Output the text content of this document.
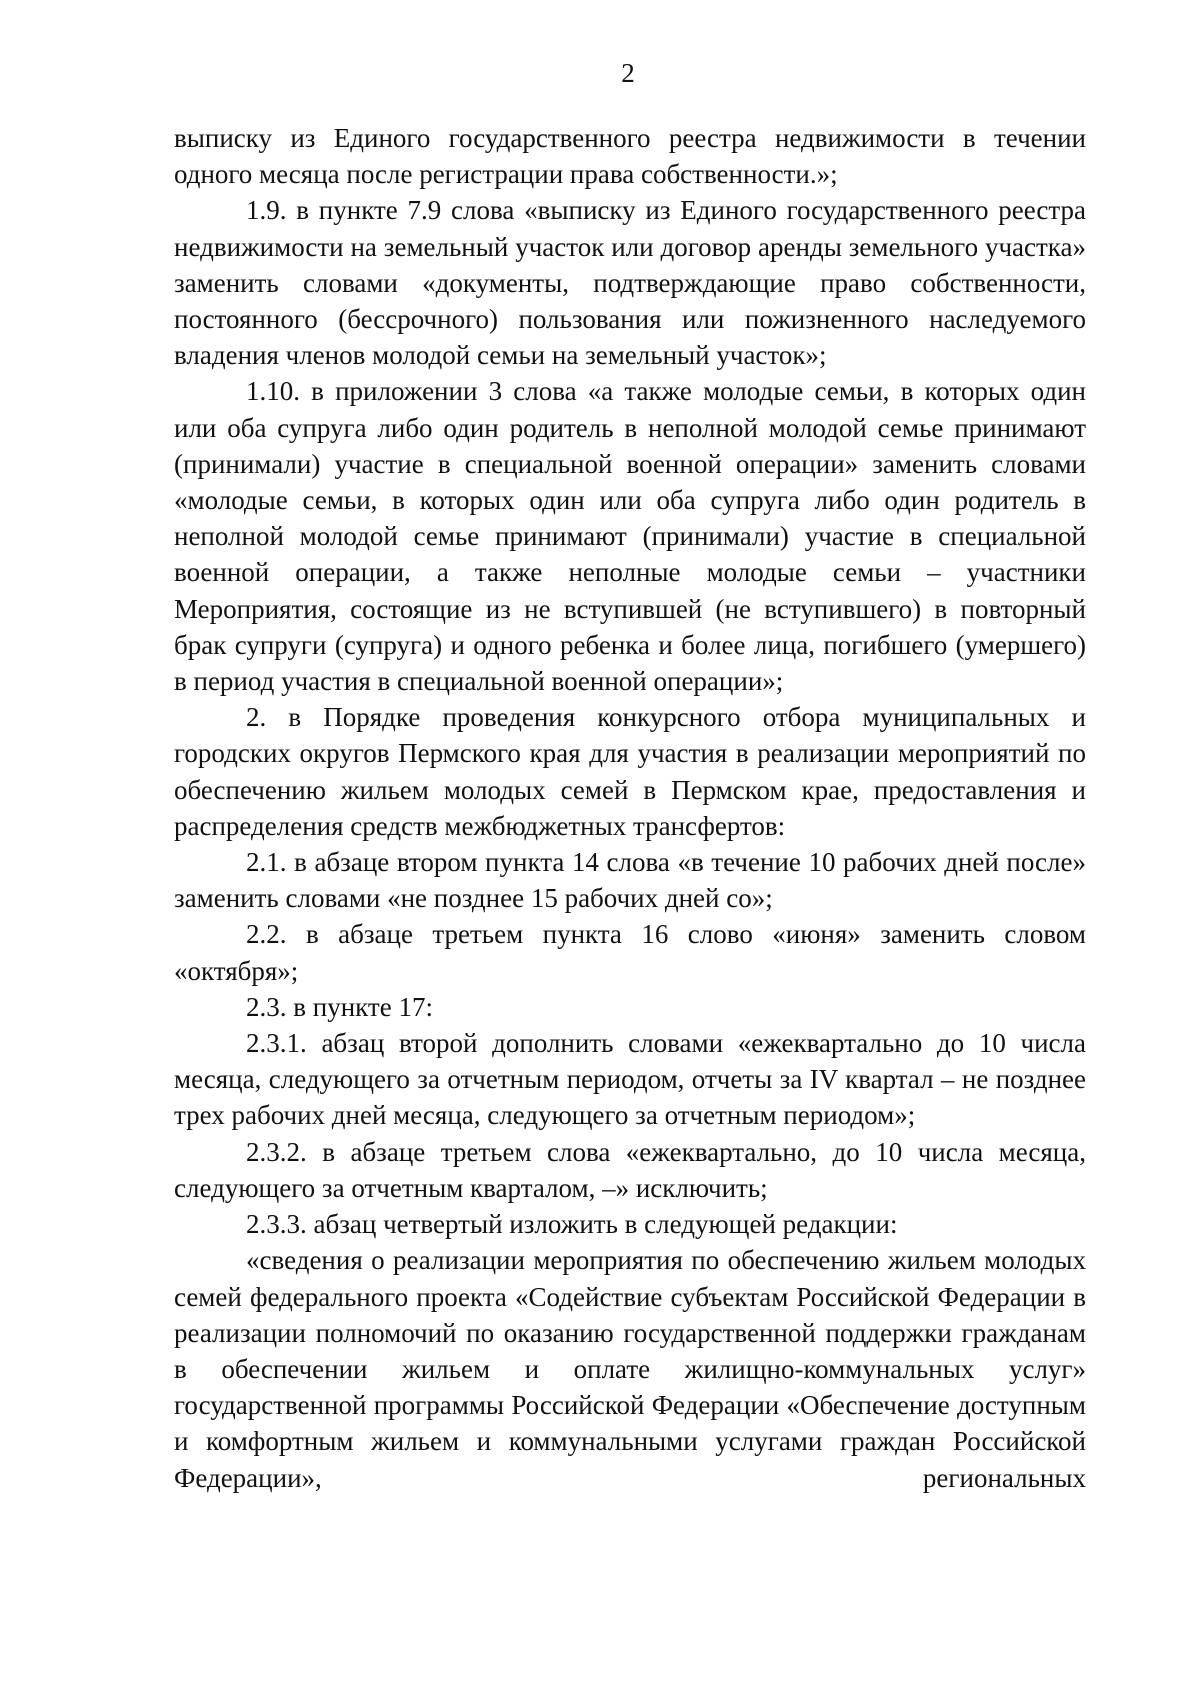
2

выписку из Единого государственного реестра недвижимости в течении одного месяца после регистрации права собственности.»;

1.9. в пункте 7.9 слова «выписку из Единого государственного реестра недвижимости на земельный участок или договор аренды земельного участка» заменить словами «документы, подтверждающие право собственности, постоянного (бессрочного) пользования или пожизненного наследуемого владения членов молодой семьи на земельный участок»;

1.10. в приложении 3 слова «а также молодые семьи, в которых один или оба супруга либо один родитель в неполной молодой семье принимают (принимали) участие в специальной военной операции» заменить словами «молодые семьи, в которых один или оба супруга либо один родитель в неполной молодой семье принимают (принимали) участие в специальной военной операции, а также неполные молодые семьи – участники Мероприятия, состоящие из не вступившей (не вступившего) в повторный брак супруги (супруга) и одного ребенка и более лица, погибшего (умершего) в период участия в специальной военной операции»;

2. в Порядке проведения конкурсного отбора муниципальных и городских округов Пермского края для участия в реализации мероприятий по обеспечению жильем молодых семей в Пермском крае, предоставления и распределения средств межбюджетных трансфертов:

2.1. в абзаце втором пункта 14 слова «в течение 10 рабочих дней после» заменить словами «не позднее 15 рабочих дней со»;

2.2. в абзаце третьем пункта 16 слово «июня» заменить словом «октября»;

2.3. в пункте 17:

2.3.1. абзац второй дополнить словами «ежеквартально до 10 числа месяца, следующего за отчетным периодом, отчеты за IV квартал – не позднее трех рабочих дней месяца, следующего за отчетным периодом»;

2.3.2. в абзаце третьем слова «ежеквартально, до 10 числа месяца, следующего за отчетным кварталом, –» исключить;

2.3.3. абзац четвертый изложить в следующей редакции:

«сведения о реализации мероприятия по обеспечению жильем молодых семей федерального проекта «Содействие субъектам Российской Федерации в реализации полномочий по оказанию государственной поддержки гражданам в обеспечении жильем и оплате жилищно-коммунальных услуг» государственной программы Российской Федерации «Обеспечение доступным и комфортным жильем и коммунальными услугами граждан Российской Федерации», региональных
